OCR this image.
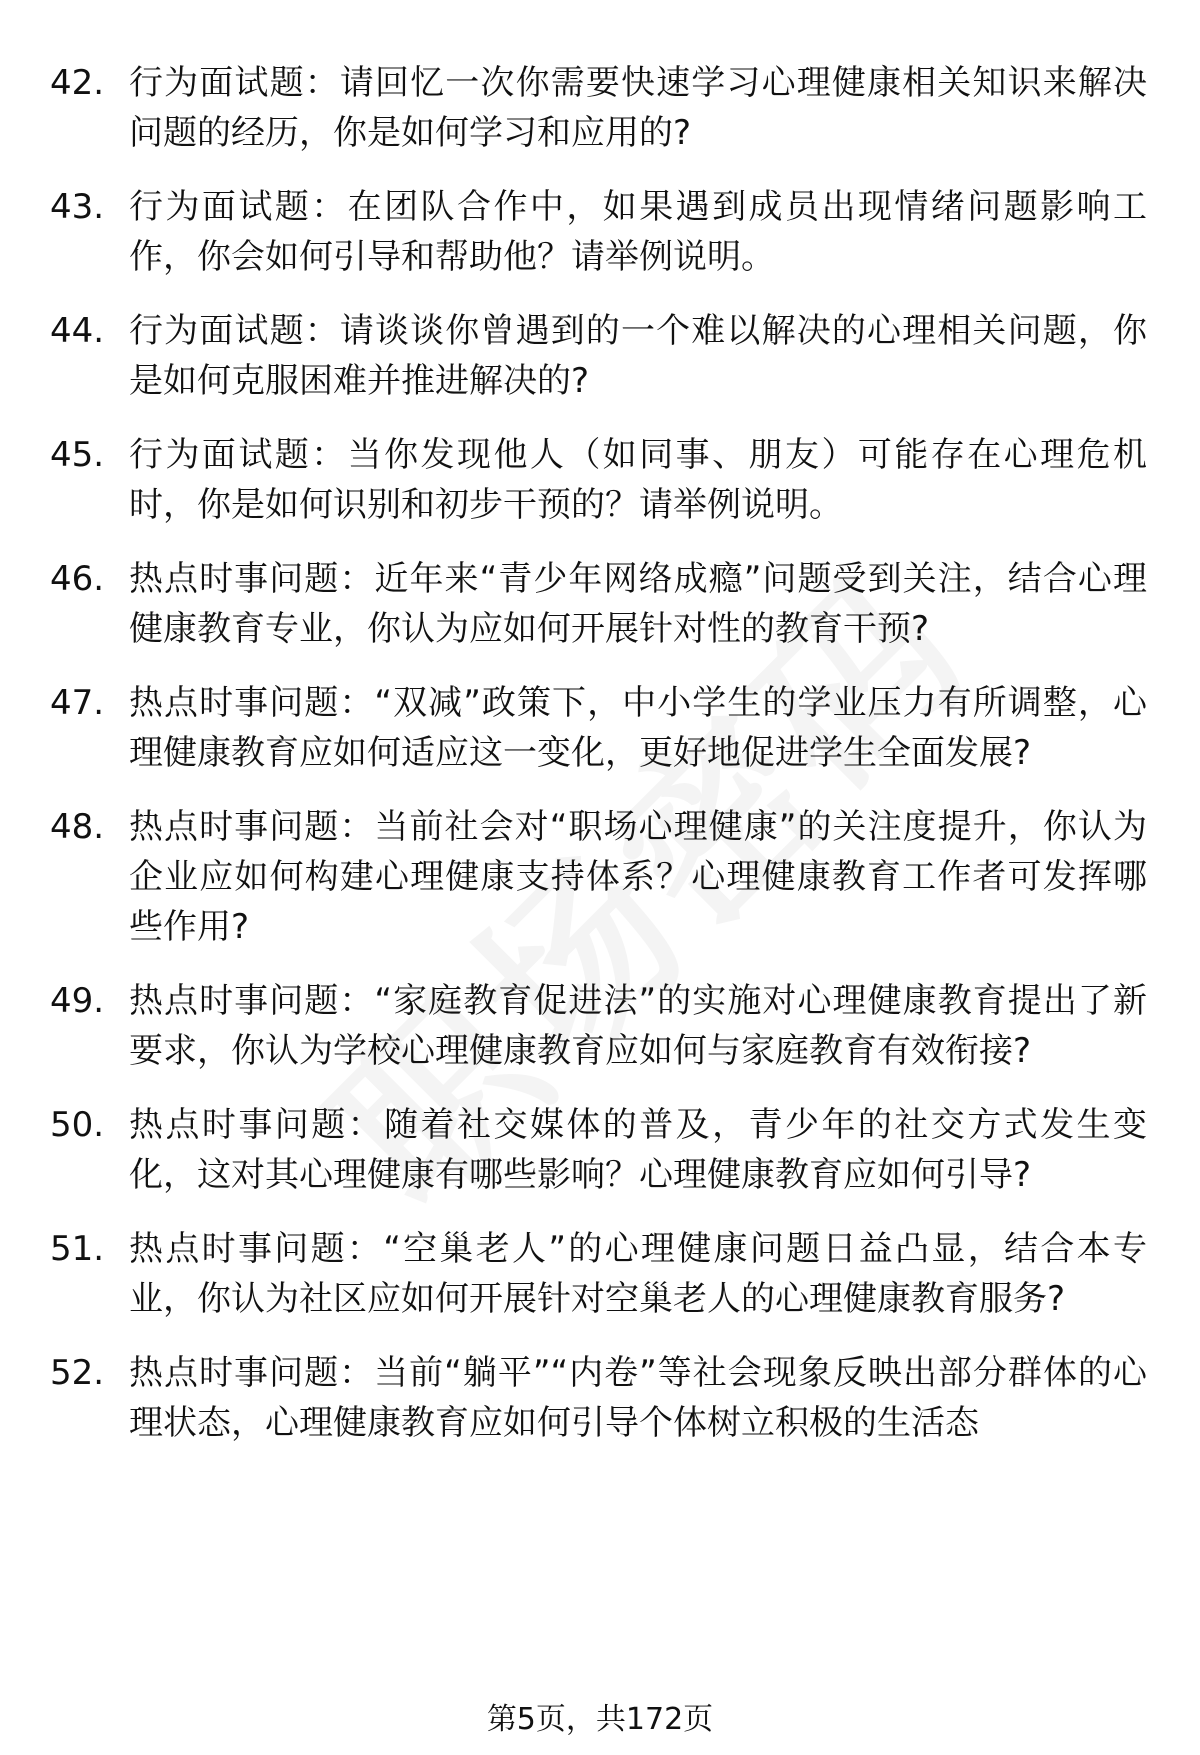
42. 行为面试题：请回忆一次你需要快速学习心理健康相关知识来解决问题的经历，你是如何学习和应用的?
43. 行为面试题：在团队合作中，如果遇到成员出现情绪问题影响工作，你会如何引导和帮助他？请举例说明。
44. 行为面试题：请谈谈你曾遇到的一个难以解决的心理相关问题，你是如何克服困难并推进解决的?
45. 行为面试题：当你发现他人（如同事、朋友）可能存在心理危机时，你是如何识别和初步干预的？请举例说明。
46. 热点时事问题：近年来“青少年网络成瘾”问题受到关注，结合心理健康教育专业，你认为应如何开展针对性的教育干预?
47. 热点时事问题：“双减”政策下，中小学生的学业压力有所调整，心理健康教育应如何适应这一变化，更好地促进学生全面发展?
48. 热点时事问题：当前社会对“职场心理健康”的关注度提升，你认为企业应如何构建心理健康支持体系？心理健康教育工作者可发挥哪些作用?
49. 热点时事问题：“家庭教育促进法”的实施对心理健康教育提出了新要求，你认为学校心理健康教育应如何与家庭教育有效衔接?
50. 热点时事问题：随着社交媒体的普及，青少年的社交方式发生变化，这对其心理健康有哪些影响？心理健康教育应如何引导?
51. 热点时事问题：“空巢老人”的心理健康问题日益凸显，结合本专业，你认为社区应如何开展针对空巢老人的心理健康教育服务?
52. 热点时事问题：当前“躺平”“内卷”等社会现象反映出部分群体的心理状态，心理健康教育应如何引导个体树立积极的生活态
第5页，共172页
